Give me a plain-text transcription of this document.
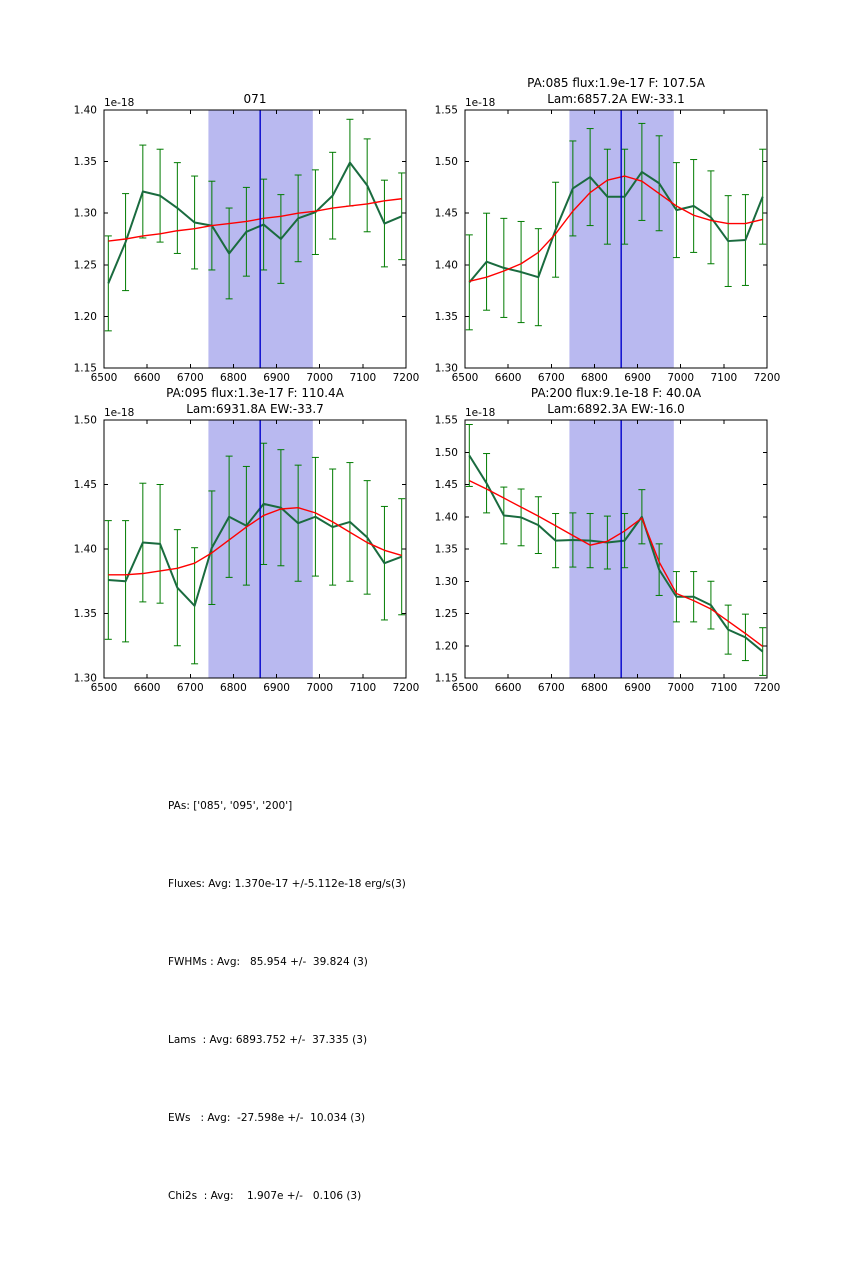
6500 6600 6700 6800 6900 7000 7100 7200
1.15
1.20
1.25
1.30
1.35
1.40
071
1e-18
6500 6600 6700 6800 6900 7000 7100 7200
1.30
1.35
1.40
1.45
1.50
1.55
PA:085 flux:1.9e-17 F: 107.5A
Lam:6857.2A EW:-33.1
1e-18
6500 6600 6700 6800 6900 7000 7100 7200
1.30
1.35
1.40
1.45
1.50
PA:095 flux:1.3e-17 F: 110.4A
Lam:6931.8A EW:-33.7
1e-18
6500 6600 6700 6800 6900 7000 7100 7200
1.15
1.20
1.25
1.30
1.35
1.40
1.45
1.50
1.55
PA:200 flux:9.1e-18 F: 40.0A
Lam:6892.3A EW:-16.0
1e-18

PAs: ['085', '095', '200']

Fluxes: Avg: 1.370e-17 +/-5.112e-18 erg/s(3)

FWHMs : Avg:   85.954 +/-  39.824 (3)

Lams  : Avg: 6893.752 +/-  37.335 (3)

EWs   : Avg:  -27.598e +/-  10.034 (3)

Chi2s  : Avg:    1.907e +/-   0.106 (3)
